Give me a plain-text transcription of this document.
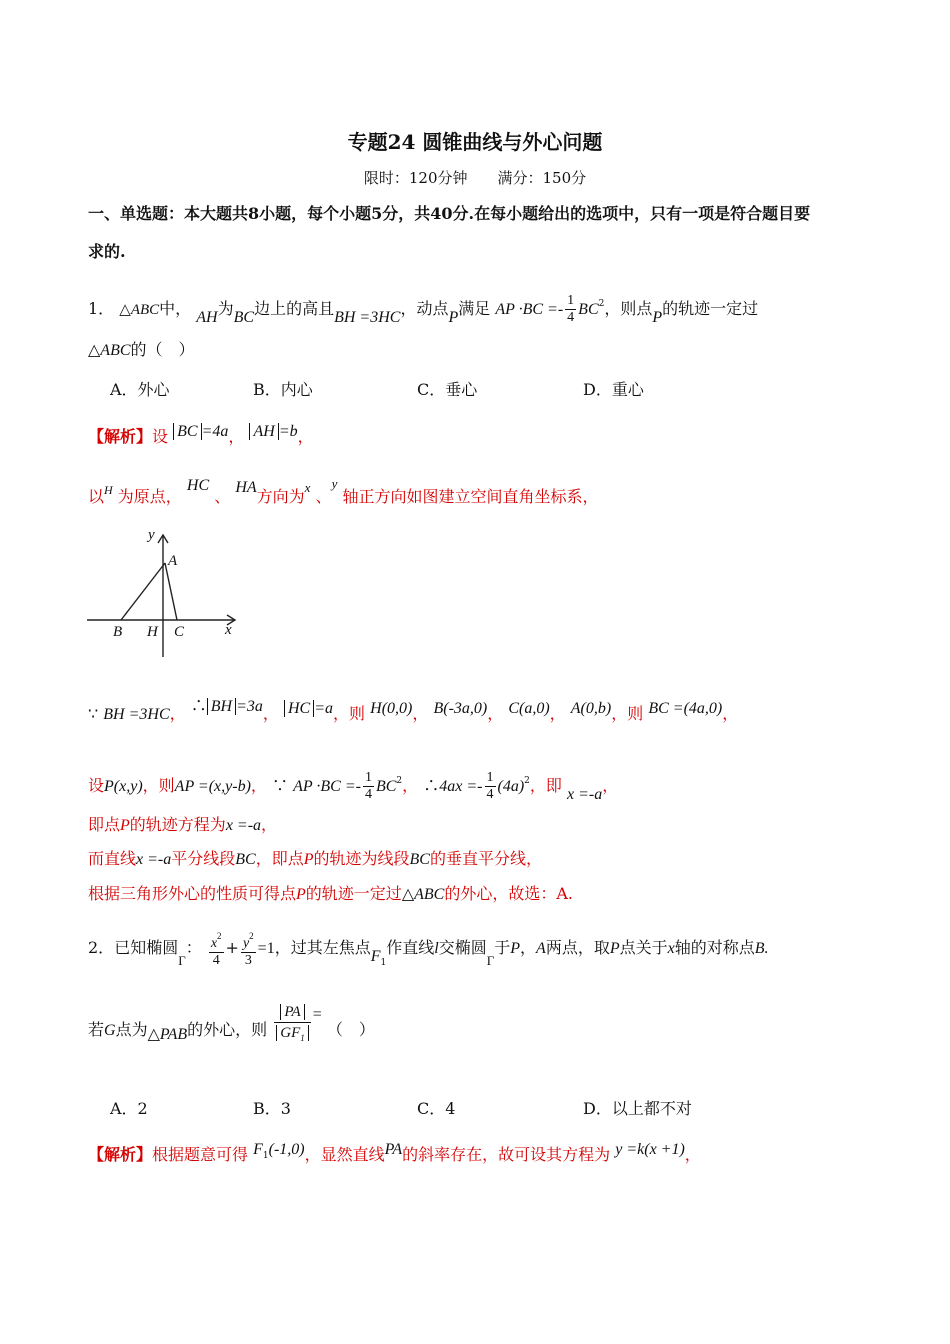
专题24 圆锥曲线与外心问题
限时：120分钟　　满分：150分
一、单选题：本大题共8小题，每个小题5分，共40分.在每小题给出的选项中，只有一项是符合题目要
求的.
1． △ABC中， AH为BC边上的高且BH =3HC，动点P满足 AP $\cdot BC =- \frac{1}{4} BC^2$，则点P的轨迹一定过
△ABC的（　）
A．外心	B．内心	C．垂心	D．重心
【解析】设 BC =4a， AH =b，
以$^H$ 为原点， HC 、 HA方向为$^x$ 、$^y$ 轴正方向如图建立空间直角坐标系，
y
A
B H C	x
∵ BH =3HC， ∴ BH =3a， HC =a，则 H(0,0)， B(-3a,0)， C(a,0)， A(0,b)，则 BC =(4a,0)，
设P(x,y)，则AP =(x,y-b)， ∵ AP $\cdot BC =- \frac{1}{4} BC^2$， ∴4ax =- $\frac{1}{4} (4a)^2$，即 x =-a，
即点P的轨迹方程为x =-a，
而直线x =-a平分线段BC，即点P的轨迹为线段BC的垂直平分线，
根据三角形外心的性质可得点P的轨迹一定过△ABC的外心，故选：A.
2．已知椭圆$_\Gamma$： $\frac{x^2}{4} + \frac{y^2}{3} =1$，过其左焦点$F_1$作直线l交椭圆$_\Gamma$于P，A两点，取P点关于x轴的对称点B.
若G点为△PAB的外心，则 $\frac{PA}{GF_1}$ = （　）
A．2	B．3	C．4	D．以上都不对
【解析】根据题意可得 $F_1(-1,0)$，显然直线PA的斜率存在，故可设其方程为 y =k(x +1)，
